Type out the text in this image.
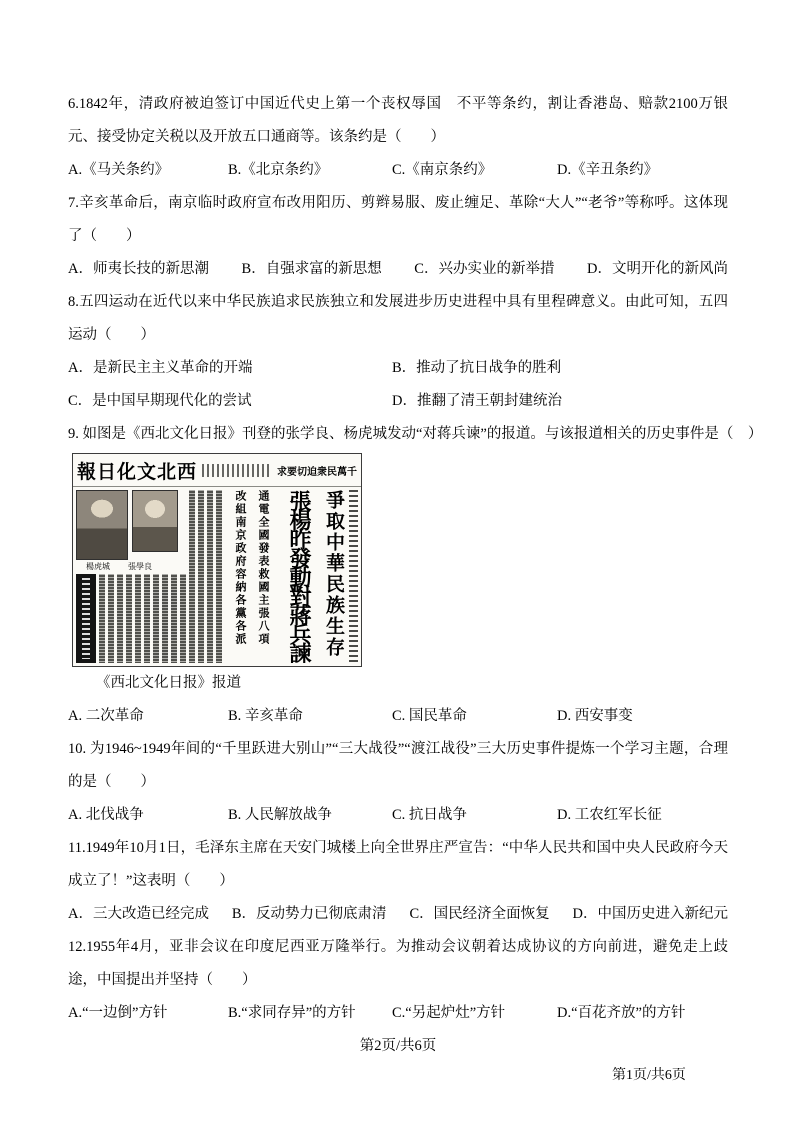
6.1842年，清政府被迫签订中国近代史上第一个丧权辱国　不平等条约，割让香港岛、赔款2100万银元、接受协定关税以及开放五口通商等。该条约是（　　）

A.《马关条约》	B.《北京条约》	C.《南京条约》	D.《辛丑条约》

7.辛亥革命后，南京临时政府宣布改用阳历、剪辫易服、废止缠足、革除“大人”“老爷”等称呼。这体现了（　　）

A．师夷长技的新思潮 B．自强求富的新思想 C．兴办实业的新举措 D．文明开化的新风尚

8.五四运动在近代以来中华民族追求民族独立和发展进步历史进程中具有里程碑意义。由此可知，五四运动（　　）

A．是新民主主义革命的开端	B．推动了抗日战争的胜利
C．是中国早期现代化的尝试	D．推翻了清王朝封建统治

9. 如图是《西北文化日报》刊登的张学良、杨虎城发动“对蒋兵谏”的报道。与该报道相关的历史事件是（　）

報日化文北西	求要切迫衆民萬千
楊虎城 張學良	爭取中華民族生存
張楊昨發動對蔣兵諫
通電全國發表救國主張八項
改組南京政府容納各黨各派

《西北文化日报》报道

A. 二次革命	B. 辛亥革命	C. 国民革命	D. 西安事变

10. 为1946~1949年间的“千里跃进大别山”“三大战役”“渡江战役”三大历史事件提炼一个学习主题，合理的是（　　）

A. 北伐战争	B. 人民解放战争	C. 抗日战争	D. 工农红军长征

11.1949年10月1日，毛泽东主席在天安门城楼上向全世界庄严宣告：“中华人民共和国中央人民政府今天成立了！”这表明（　　）

A．三大改造已经完成 B．反动势力已彻底肃清 C．国民经济全面恢复 D．中国历史进入新纪元

12.1955年4月，亚非会议在印度尼西亚万隆举行。为推动会议朝着达成协议的方向前进，避免走上歧途，中国提出并坚持（　　）

A.“一边倒”方针	B.“求同存异”的方针	C.“另起炉灶”方针	D.“百花齐放”的方针

第2页/共6页

第1页/共6页
